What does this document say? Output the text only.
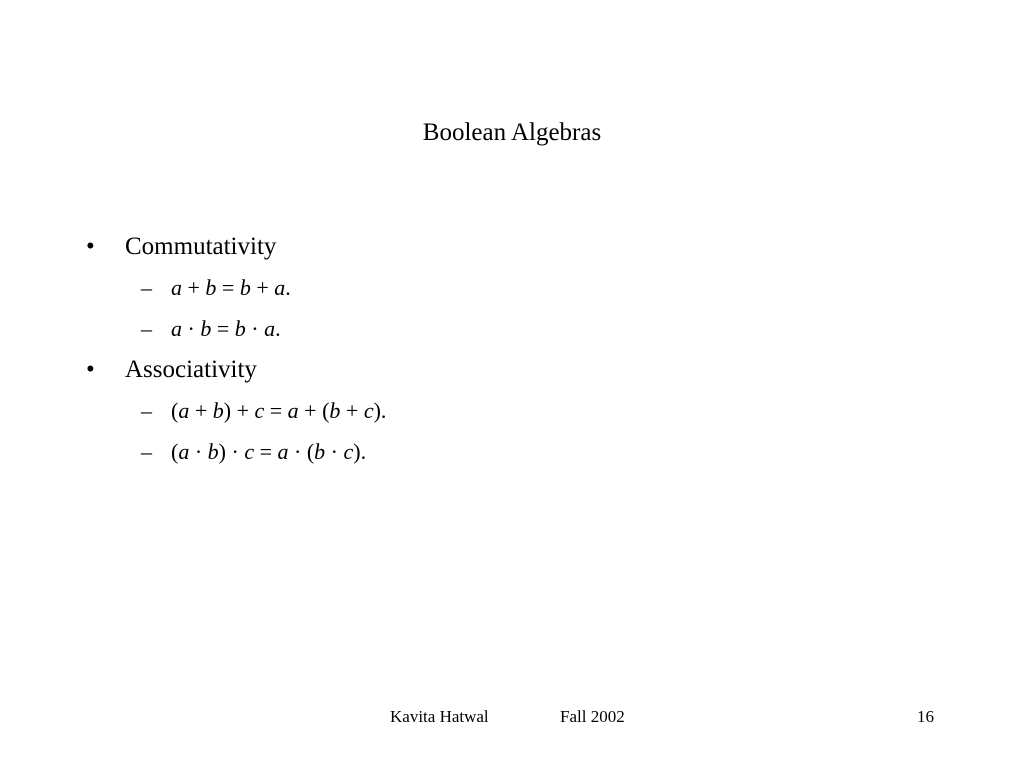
Boolean Algebras
• Commutativity
– a + b = b + a.
– a · b = b · a.
• Associativity
– (a + b) + c = a + (b + c).
– (a · b) · c = a · (b · c).
Kavita Hatwal	Fall 2002	16
